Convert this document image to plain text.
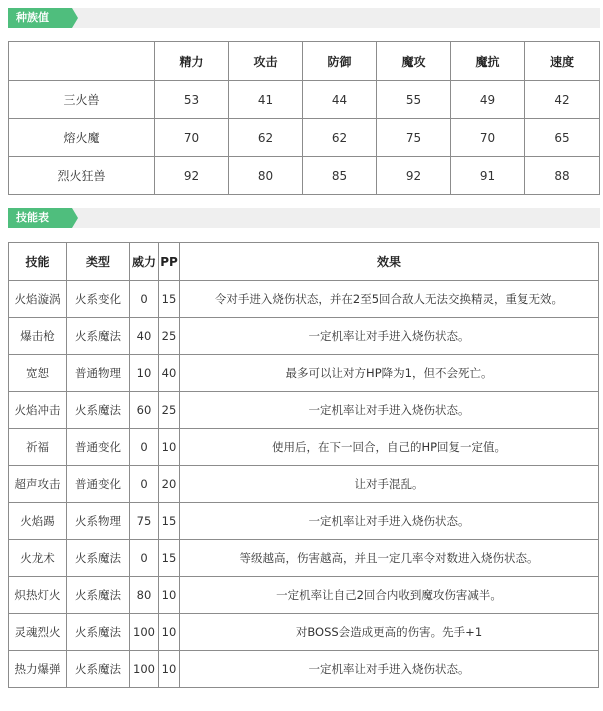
种族值
	精力	攻击	防御	魔攻	魔抗	速度
三火兽	53	41	44	55	49	42
熔火魔	70	62	62	75	70	65
烈火狂兽	92	80	85	92	91	88
技能表
技能	类型	威力	PP	效果
火焰漩涡	火系变化	0	15	令对手进入烧伤状态，并在2至5回合敌人无法交换精灵，重复无效。
爆击枪	火系魔法	40	25	一定机率让对手进入烧伤状态。
宽恕	普通物理	10	40	最多可以让对方HP降为1，但不会死亡。
火焰冲击	火系魔法	60	25	一定机率让对手进入烧伤状态。
祈福	普通变化	0	10	使用后，在下一回合，自己的HP回复一定值。
超声攻击	普通变化	0	20	让对手混乱。
火焰踢	火系物理	75	15	一定机率让对手进入烧伤状态。
火龙术	火系魔法	0	15	等级越高，伤害越高，并且一定几率令对数进入烧伤状态。
炽热灯火	火系魔法	80	10	一定机率让自己2回合内收到魔攻伤害减半。
灵魂烈火	火系魔法	100	10	对BOSS会造成更高的伤害。先手+1
热力爆弹	火系魔法	100	10	一定机率让对手进入烧伤状态。
